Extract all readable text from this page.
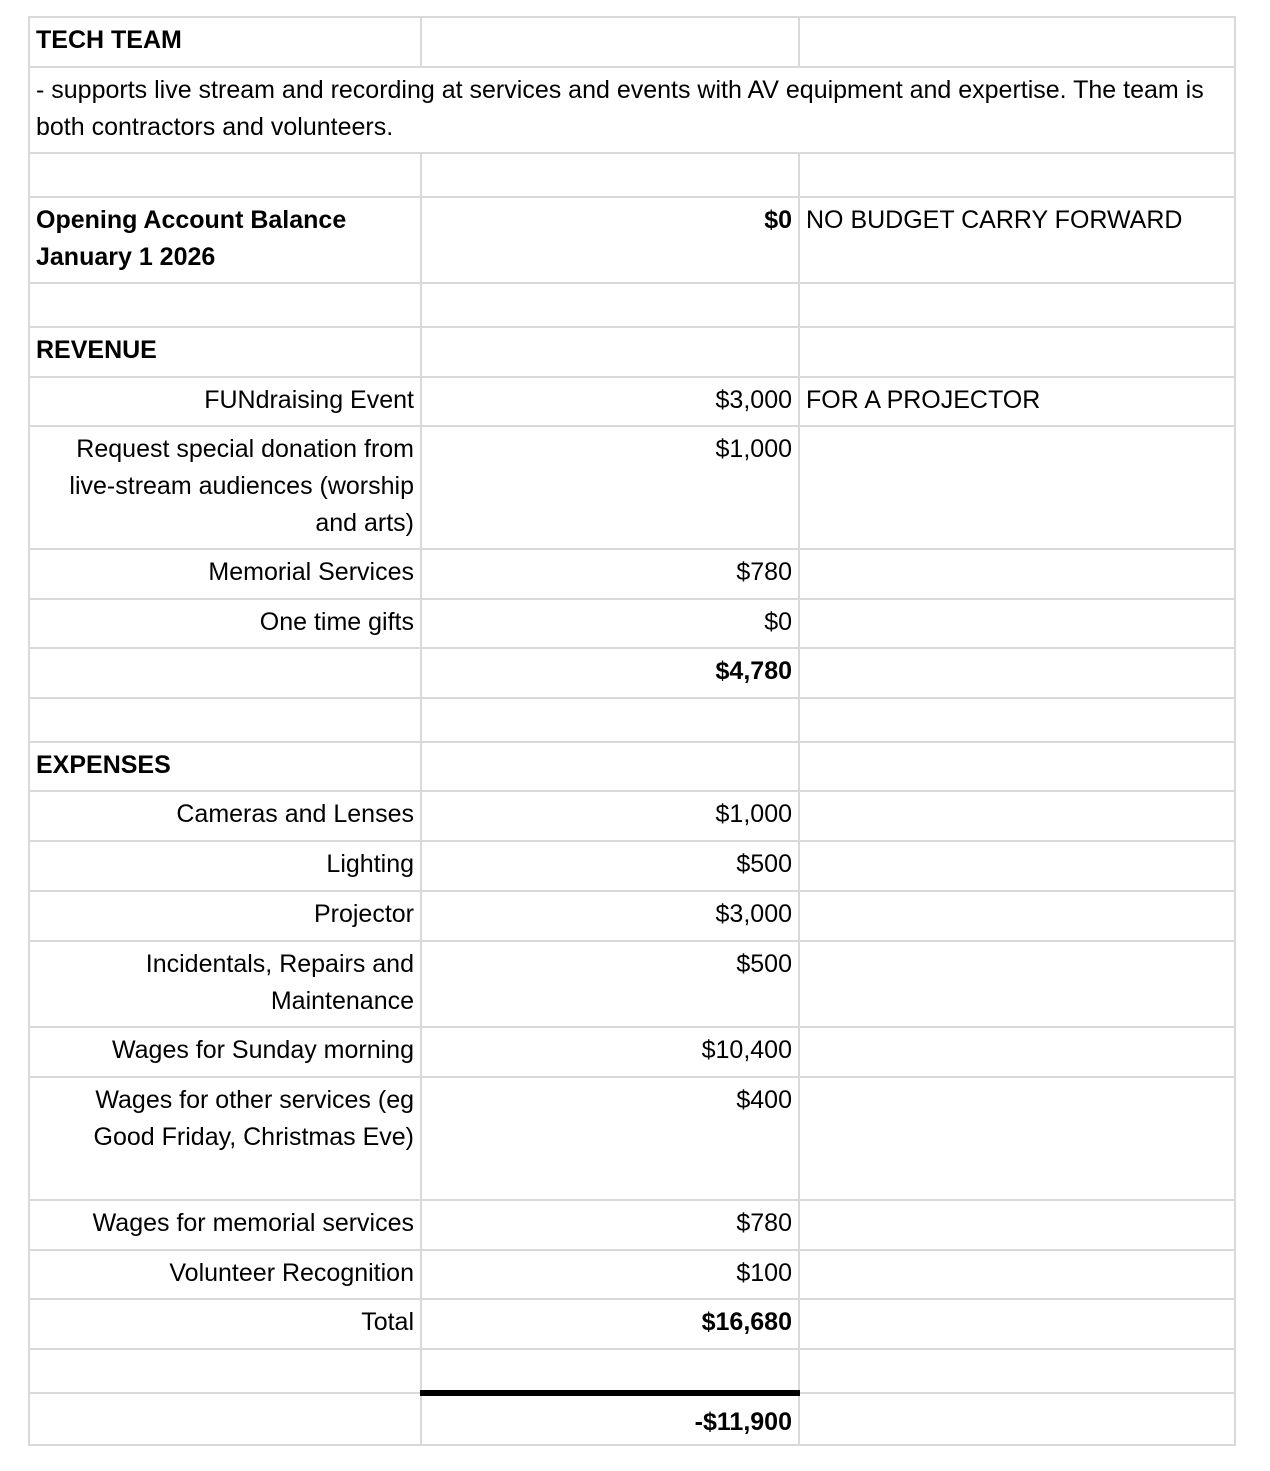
TECH TEAM		
- supports live stream and recording at services and events with AV equipment and expertise. The team is both contractors and volunteers.		

Opening Account Balance
January 1 2026	$0	NO BUDGET CARRY FORWARD

REVENUE		
FUNdraising Event	$3,000	FOR A PROJECTOR
Request special donation from live-stream audiences (worship and arts)	$1,000	
Memorial Services	$780	
One time gifts	$0	
	$4,780	

EXPENSES		
Cameras and Lenses	$1,000	
Lighting	$500	
Projector	$3,000	
Incidentals, Repairs and Maintenance	$500	
Wages for Sunday morning	$10,400	
Wages for other services (eg Good Friday, Christmas Eve)	$400	
Wages for memorial services	$780	
Volunteer Recognition	$100	
Total	$16,680	

	-$11,900	
